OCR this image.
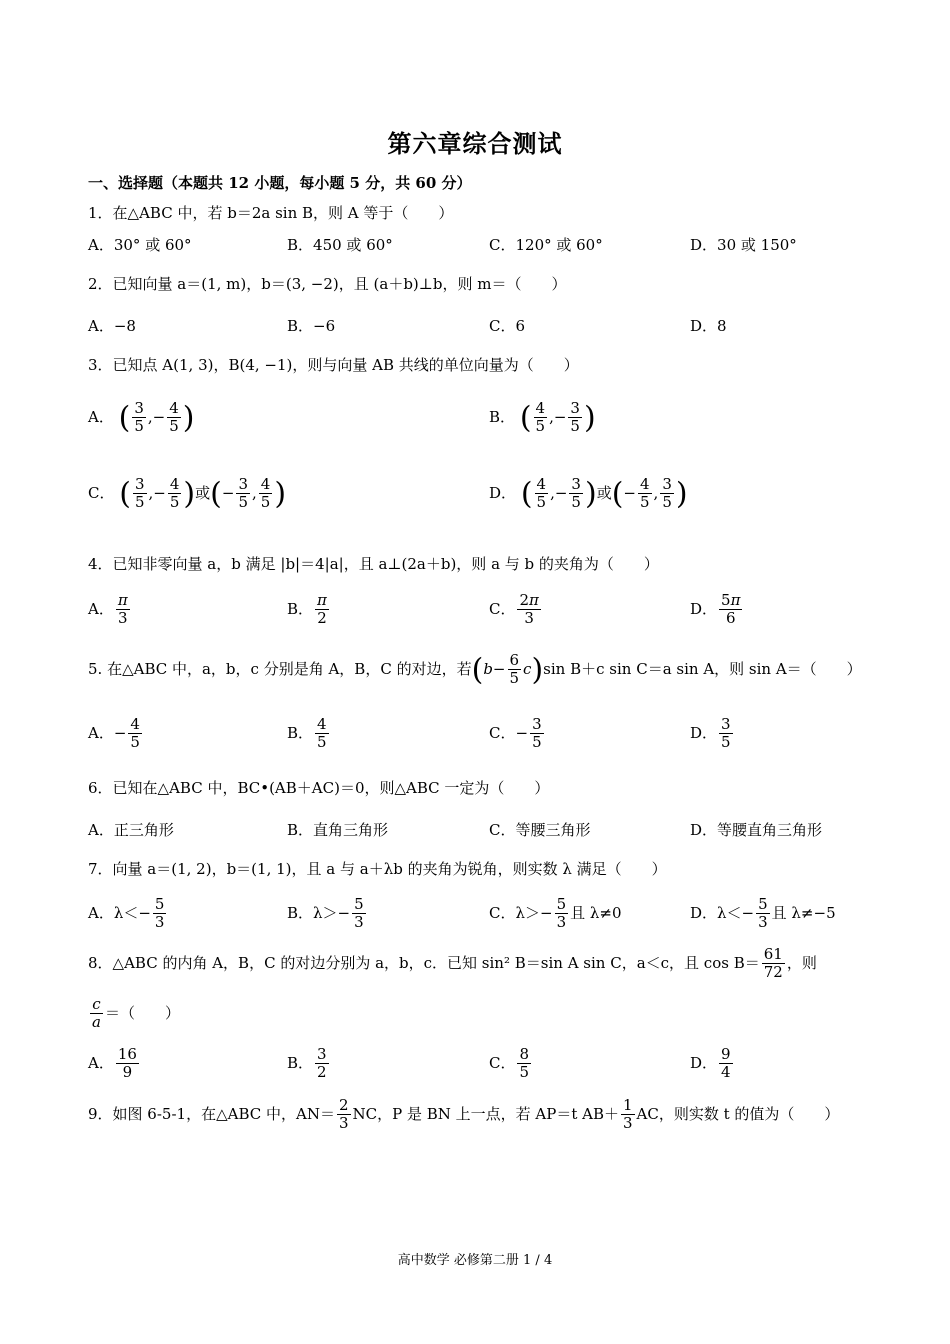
第六章综合测试
一、选择题（本题共 12 小题，每小题 5 分，共 60 分）
1．在△ABC 中，若 b＝2a sin B，则 A 等于（　　）
A．30° 或 60°	B．450 或 60°	C．120° 或 60°	D．30 或 150°
2．已知向量 a＝(1, m)，b＝(3, −2)，且 (a＋b)⊥b，则 m＝（　　）
A．−8	B．−6	C．6	D．8
3．已知点 A(1, 3)，B(4, −1)，则与向量 AB 共线的单位向量为（　　）
A． ( $\frac{3}{5}$ ,− $\frac{4}{5}$ )	B． ( $\frac{4}{5}$ ,− $\frac{3}{5}$ )
C． ( $\frac{3}{5}$ ,− $\frac{4}{5}$ )或(− $\frac{3}{5}$ , $\frac{4}{5}$ )	D． ( $\frac{4}{5}$ ,− $\frac{3}{5}$ )或(− $\frac{4}{5}$ , $\frac{3}{5}$ )
4．已知非零向量 a，b 满足 |b|＝4|a|，且 a⊥(2a＋b)，则 a 与 b 的夹角为（　　）
A． $\frac{\pi}{3}$	B． $\frac{\pi}{2}$	C． $\frac{2\pi}{3}$	D． $\frac{5\pi}{6}$
5. 在△ABC 中，a，b，c 分别是角 A，B，C 的对边，若$(b- \frac{6}{5} c)\sin$ B＋c sin C＝a sin A，则 sin A＝（　　）
A．− $\frac{4}{5}$	B． $\frac{4}{5}$	C．− $\frac{3}{5}$	D． $\frac{3}{5}$
6．已知在△ABC 中，BC•(AB＋AC)＝0，则△ABC 一定为（　　）
A．正三角形	B．直角三角形	C．等腰三角形	D．等腰直角三角形
7．向量 a＝(1, 2)，b＝(1, 1)，且 a 与 a＋λb 的夹角为锐角，则实数 λ 满足（　　）
A．$\lambda<- \frac{5}{3}$	B．$\lambda>- \frac{5}{3}$	C．$\lambda>- \frac{5}{3}$ 且 λ≠0	D．$\lambda<- \frac{5}{3}$ 且 λ≠−5
8．△ABC 的内角 A，B，C 的对边分别为 a，b，c．已知 sin² B＝sin A sin C，a＜c，且 $\cos B= \frac{61}{72}$ ，则
$\frac{c}{a}$ ＝（　　）
A． $\frac{16}{9}$	B． $\frac{3}{2}$	C． $\frac{8}{5}$	D． $\frac{9}{4}$
9．如图 6-5-1，在△ABC 中，$AN= \frac{2}{3}$ NC，P 是 BN 上一点，若 AP＝t $AB+ \frac{1}{3}$ AC，则实数 t 的值为（　　）
高中数学 必修第二册 1 / 4
